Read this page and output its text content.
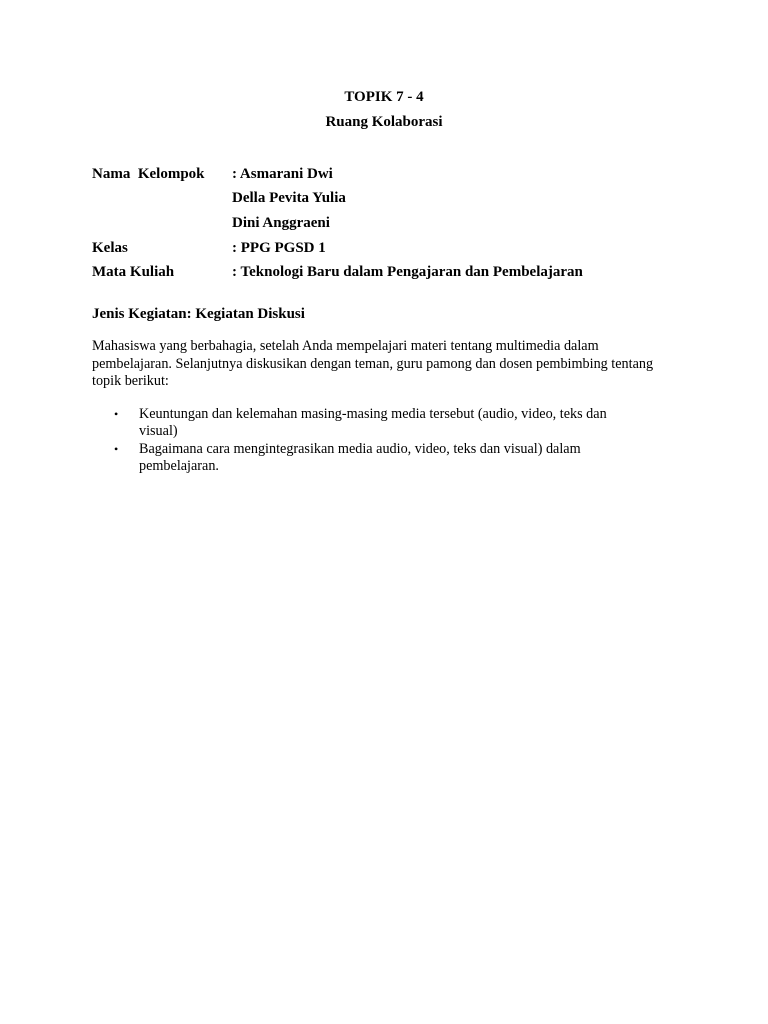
TOPIK 7 - 4
Ruang Kolaborasi
Nama  Kelompok	: Asmarani Dwi
Della Pevita Yulia
Dini Anggraeni
Kelas	: PPG PGSD 1
Mata Kuliah	: Teknologi Baru dalam Pengajaran dan Pembelajaran
Jenis Kegiatan: Kegiatan Diskusi
Mahasiswa yang berbahagia, setelah Anda mempelajari materi tentang multimedia dalam pembelajaran. Selanjutnya diskusikan dengan teman, guru pamong dan dosen pembimbing tentang topik berikut:
•	Keuntungan dan kelemahan masing-masing media tersebut (audio, video, teks dan visual)
•	Bagaimana cara mengintegrasikan media audio, video, teks dan visual) dalam pembelajaran.
